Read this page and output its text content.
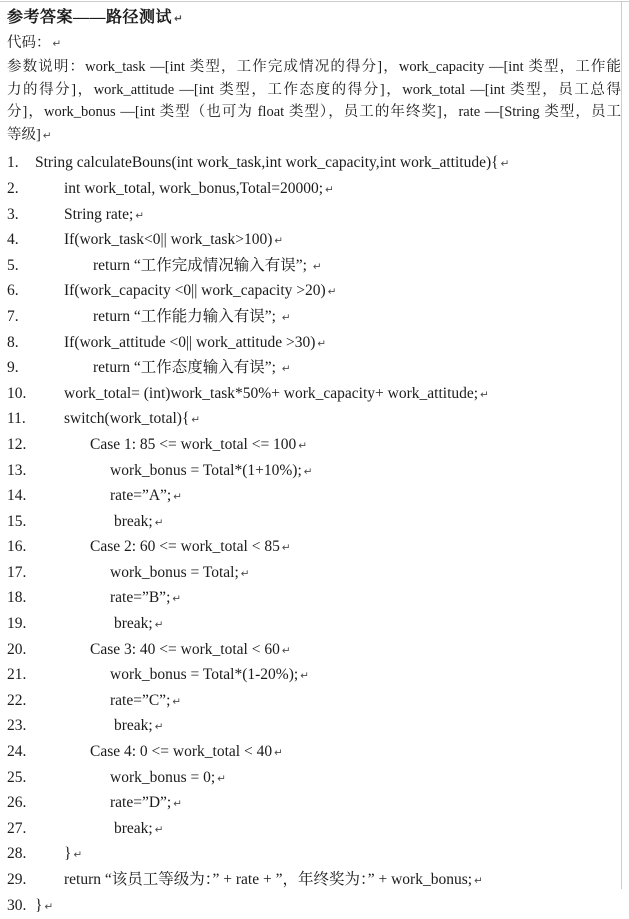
参考答案——路径测试 ↵
代码： ↵
参数说明：work_task —[int 类型，工作完成情况的得分]，work_capacity —[int 类型，工作能
力的得分]，work_attitude —[int 类型，工作态度的得分]，work_total —[int 类型，员工总得
分]，work_bonus —[int 类型（也可为 float 类型），员工的年终奖]，rate —[String 类型，员工
等级] ↵
1. String calculateBouns(int work_task,int work_capacity,int work_attitude){ ↵
2.	int work_total, work_bonus,Total=20000; ↵
3.	String rate; ↵
4.	If(work_task<0|| work_task>100) ↵
5.	return “工作完成情况输入有误”; ↵
6.	If(work_capacity <0|| work_capacity >20) ↵
7.	return “工作能力输入有误”; ↵
8.	If(work_attitude <0|| work_attitude >30) ↵
9.	return “工作态度输入有误”; ↵
10. work_total= (int)work_task*50%+ work_capacity+ work_attitude; ↵
11. switch(work_total){ ↵
12.	Case 1: 85 <= work_total <= 100 ↵
13.	work_bonus = Total*(1+10%); ↵
14.	rate=”A”; ↵
15.	break; ↵
16.	Case 2: 60 <= work_total < 85 ↵
17.	work_bonus = Total; ↵
18.	rate=”B”; ↵
19.	break; ↵
20.	Case 3: 40 <= work_total < 60 ↵
21.	work_bonus = Total*(1-20%); ↵
22.	rate=”C”; ↵
23.	break; ↵
24.	Case 4: 0 <= work_total < 40 ↵
25.	work_bonus = 0; ↵
26.	rate=”D”; ↵
27.	break; ↵
28. } ↵
29. return “该员工等级为：” + rate + ”，年终奖为：” + work_bonus; ↵
30. } ↵
